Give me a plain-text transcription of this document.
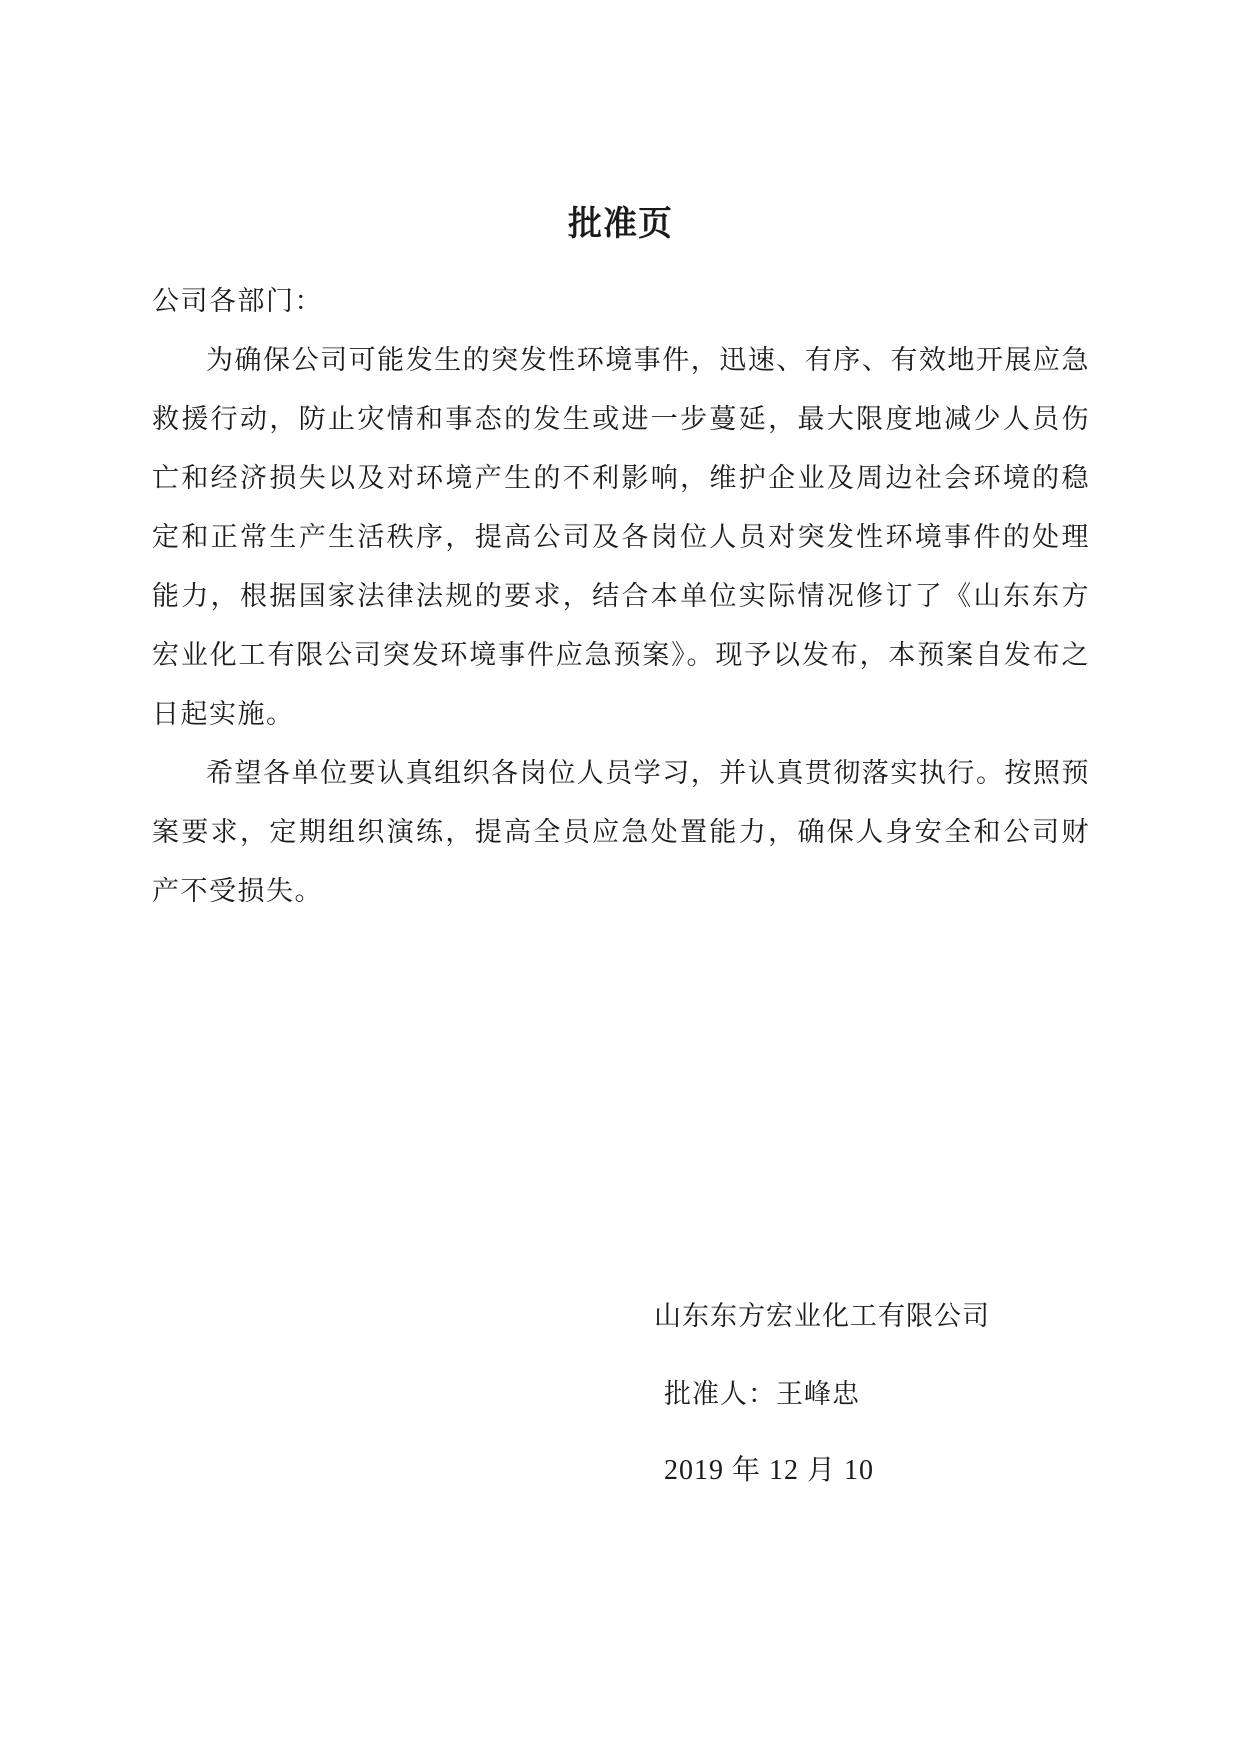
批准页

公司各部门：

为确保公司可能发生的突发性环境事件，迅速、有序、有效地开展应急救援行动，防止灾情和事态的发生或进一步蔓延，最大限度地减少人员伤亡和经济损失以及对环境产生的不利影响，维护企业及周边社会环境的稳定和正常生产生活秩序，提高公司及各岗位人员对突发性环境事件的处理能力，根据国家法律法规的要求，结合本单位实际情况修订了《山东东方宏业化工有限公司突发环境事件应急预案》。现予以发布，本预案自发布之日起实施。

希望各单位要认真组织各岗位人员学习，并认真贯彻落实执行。按照预案要求，定期组织演练，提高全员应急处置能力，确保人身安全和公司财产不受损失。

山东东方宏业化工有限公司
批准人：王峰忠
2019 年 12 月 10
